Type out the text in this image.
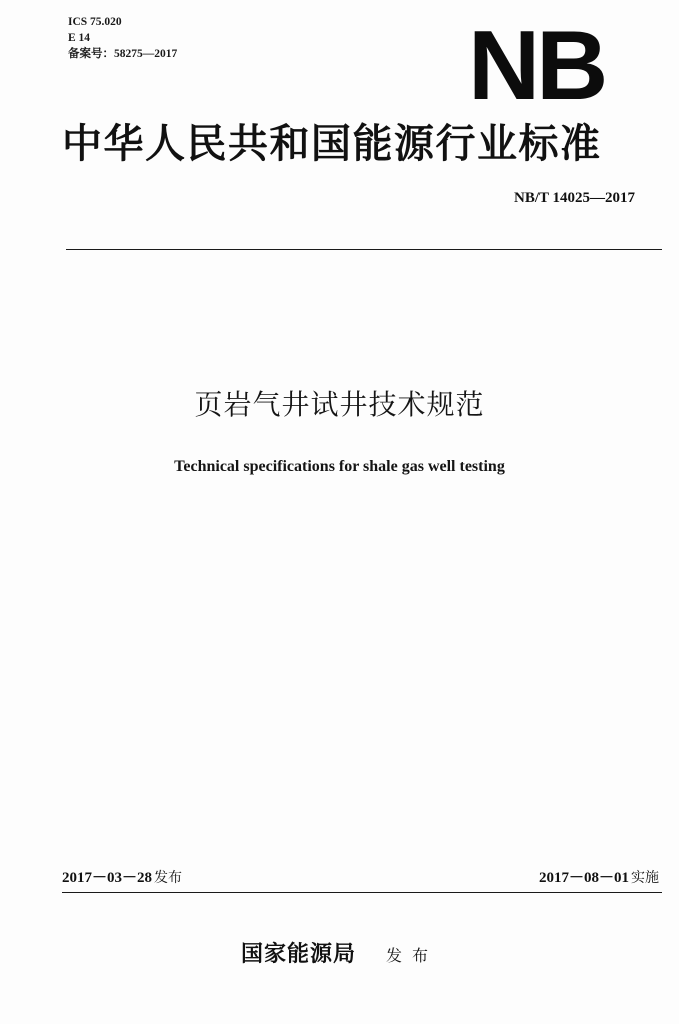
ICS 75.020
E 14
备案号：58275—2017	NB
中华人民共和国能源行业标准
NB/T 14025—2017
页岩气井试井技术规范
Technical specifications for shale gas well testing
2017－03－28 发布	2017－08－01 实施
国家能源局 发布
